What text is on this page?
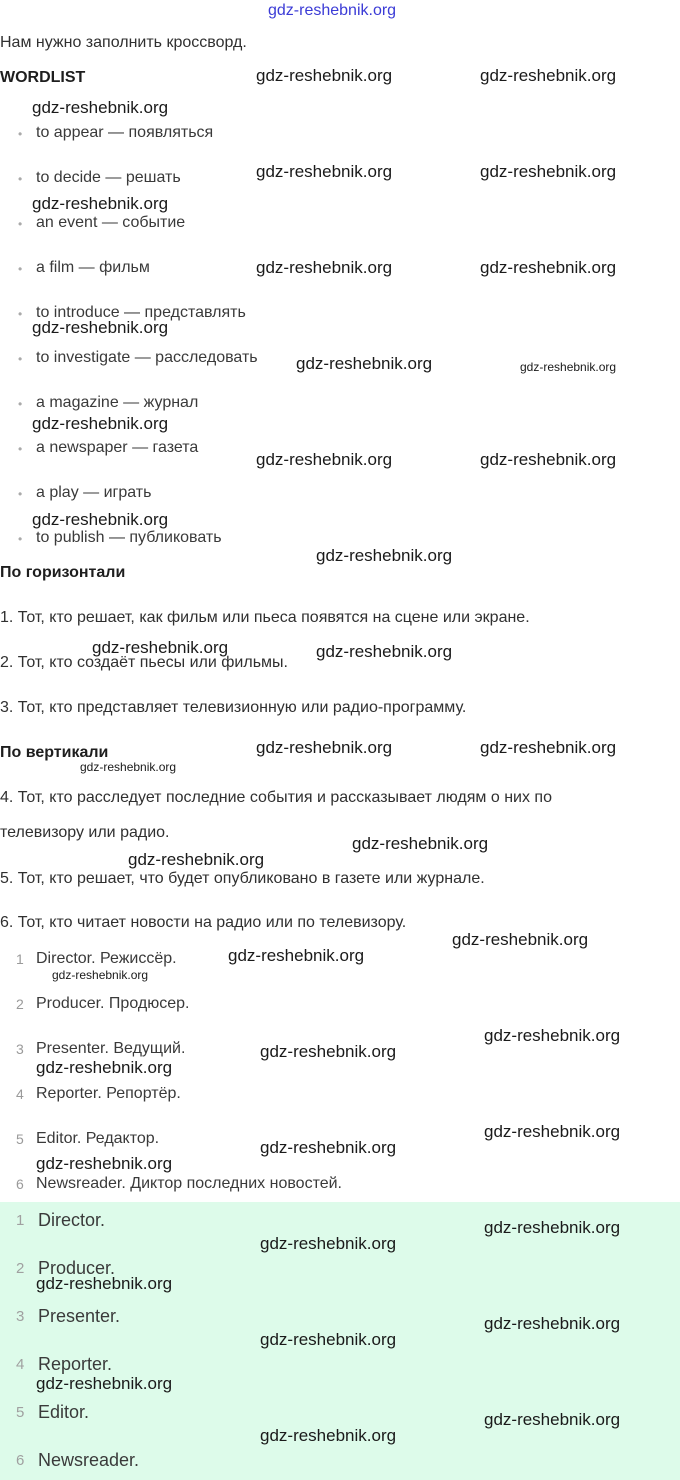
gdz-reshebnik.org
Нам нужно заполнить кроссворд.
WORDLIST
• to appear — появляться
• to decide — решать
• an event — событие
• a film — фильм
• to introduce — представлять
• to investigate — расследовать
• a magazine — журнал
• a newspaper — газета
• a play — играть
• to publish — публиковать
По горизонтали
1. Тот, кто решает, как фильм или пьеса появятся на сцене или экране.
2. Тот, кто создаёт пьесы или фильмы.
3. Тот, кто представляет телевизионную или радио-программу.
По вертикали
4. Тот, кто расследует последние события и рассказывает людям о них по
телевизору или радио.
5. Тот, кто решает, что будет опубликовано в газете или журнале.
6. Тот, кто читает новости на радио или по телевизору.
1 Director. Режиссёр.
2 Producer. Продюсер.
3 Presenter. Ведущий.
4 Reporter. Репортёр.
5 Editor. Редактор.
6 Newsreader. Диктор последних новостей.
1 Director.
2 Producer.
3 Presenter.
4 Reporter.
5 Editor.
6 Newsreader.
gdz-reshebnik.org	gdz-reshebnik.org
gdz-reshebnik.org
gdz-reshebnik.org	gdz-reshebnik.org
gdz-reshebnik.org
gdz-reshebnik.org	gdz-reshebnik.org
gdz-reshebnik.org
gdz-reshebnik.org	gdz-reshebnik.org
gdz-reshebnik.org
gdz-reshebnik.org	gdz-reshebnik.org
gdz-reshebnik.org
gdz-reshebnik.org
gdz-reshebnik.org	gdz-reshebnik.org
gdz-reshebnik.org	gdz-reshebnik.org
gdz-reshebnik.org
gdz-reshebnik.org
gdz-reshebnik.org
gdz-reshebnik.org
gdz-reshebnik.org
gdz-reshebnik.org
gdz-reshebnik.org
gdz-reshebnik.org
gdz-reshebnik.org
gdz-reshebnik.org
gdz-reshebnik.org
gdz-reshebnik.org
gdz-reshebnik.org
gdz-reshebnik.org
gdz-reshebnik.org
gdz-reshebnik.org
gdz-reshebnik.org
gdz-reshebnik.org
gdz-reshebnik.org
gdz-reshebnik.org
